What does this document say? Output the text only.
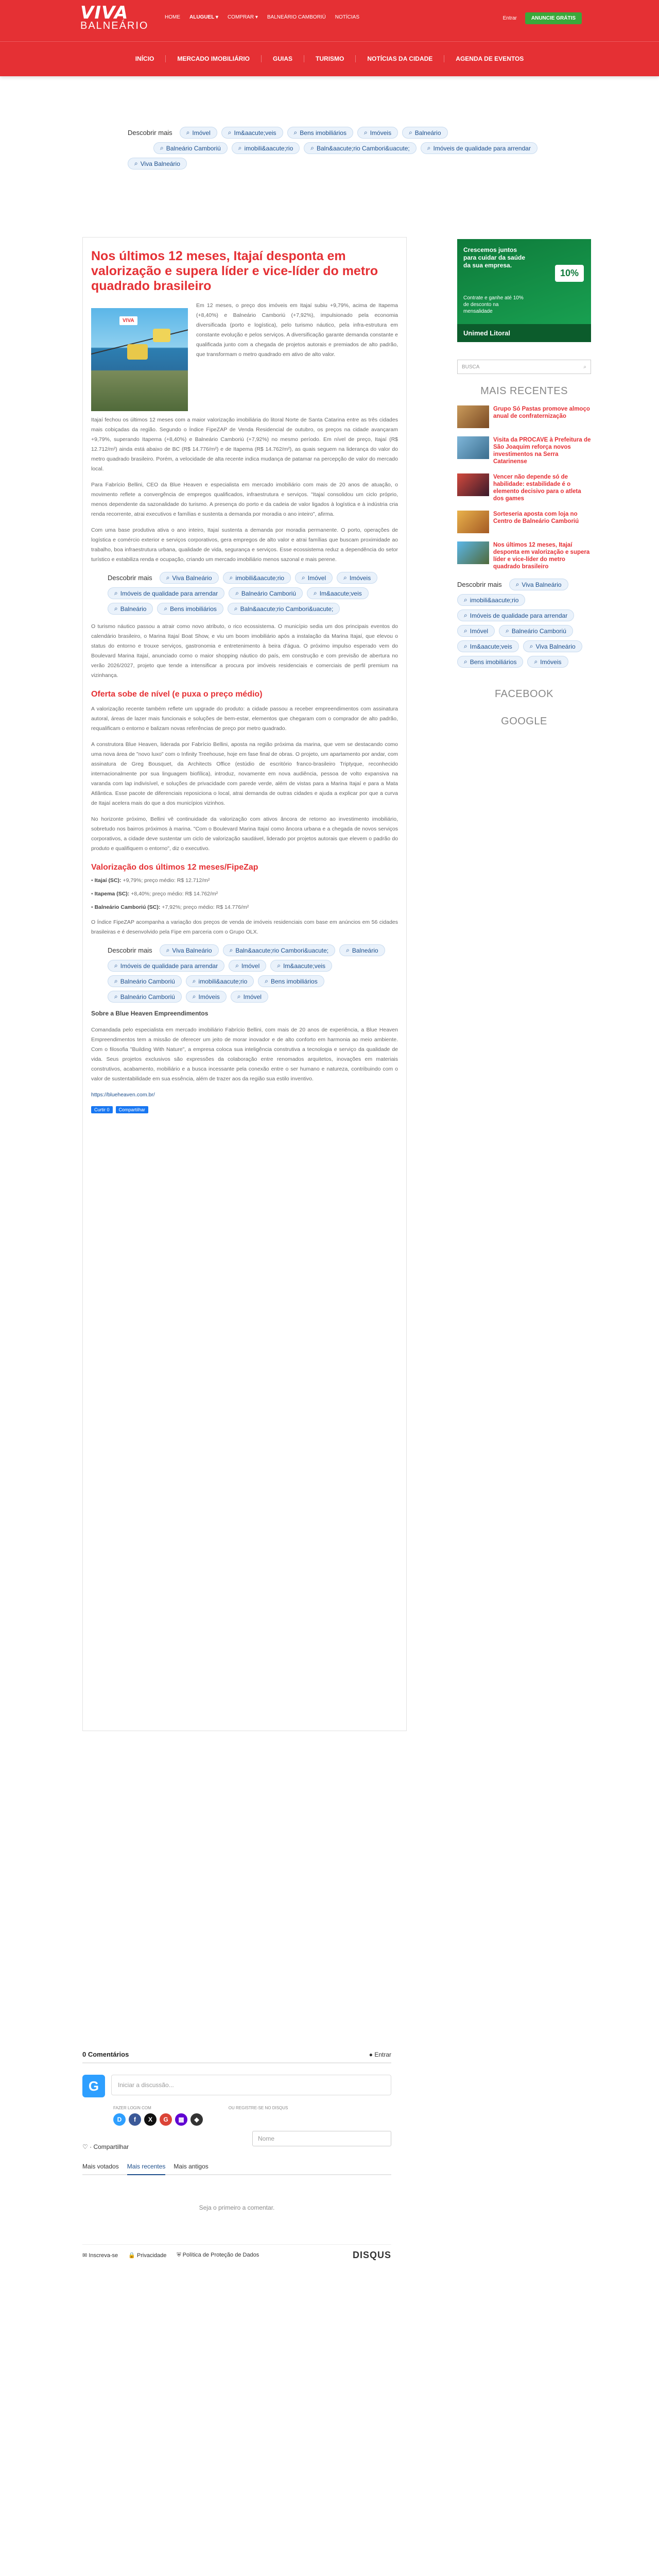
VIVA
BALNEÁRIO
HOME ALUGUEL ▾ COMPRAR ▾ BALNEÁRIO CAMBORIÚ NOTÍCIAS	Entrar	ANUNCIE GRÁTIS
INÍCIO	MERCADO IMOBILIÁRIO	GUIAS	TURISMO	NOTÍCIAS DA CIDADE	AGENDA DE EVENTOS
Descobrir mais ⌕ Imóvel	⌕ Im&aacute;veis	⌕ Bens imobiliários	⌕ Imóveis	⌕ Balneário
⌕ Balneário Camboriú	⌕ imobili&aacute;rio	⌕ Baln&aacute;rio Cambori&uacute;	⌕ Imóveis de qualidade para arrendar
⌕ Viva Balneário
Nos últimos 12 meses, Itajaí desponta em valorização e supera líder e vice-líder do metro quadrado brasileiro
VIVA

Em 12 meses, o preço dos imóveis em Itajaí subiu +9,79%, acima de Itapema (+8,40%) e Balneário Camboriú (+7,92%), impulsionado pela economia diversificada (porto e logística), pelo turismo náutico, pela infra-estrutura em constante evolução e pelos serviços. A diversificação garante demanda constante e qualificada junto com a chegada de projetos autorais e premiados de alto padrão, que transformam o metro quadrado em ativo de alto valor.

Itajaí fechou os últimos 12 meses com a maior valorização imobiliária do litoral Norte de Santa Catarina entre as três cidades mais cobiçadas da região. Segundo o Índice FipeZAP de Venda Residencial de outubro, os preços na cidade avançaram +9,79%, superando Itapema (+8,40%) e Balneário Camboriú (+7,92%) no mesmo período. Em nível de preço, Itajaí (R$ 12.712/m²) ainda está abaixo de BC (R$ 14.776/m²) e de Itapema (R$ 14.762/m²), as quais seguem na liderança do valor do metro quadrado brasileiro. Porém, a velocidade de alta recente indica mudança de patamar na percepção de valor do mercado local.

Para Fabrício Bellini, CEO da Blue Heaven e especialista em mercado imobiliário com mais de 20 anos de atuação, o movimento reflete a convergência de empregos qualificados, infraestrutura e serviços. "Itajaí consolidou um ciclo próprio, menos dependente da sazonalidade do turismo. A presença do porto e da cadeia de valor ligados à logística e à indústria cria renda recorrente, atrai executivos e famílias e sustenta a demanda por moradia o ano inteiro", afirma.

Com uma base produtiva ativa o ano inteiro, Itajaí sustenta a demanda por moradia permanente. O porto, operações de logística e comércio exterior e serviços corporativos, gera empregos de alto valor e atrai famílias que buscam proximidade ao trabalho, boa infraestrutura urbana, qualidade de vida, segurança e serviços. Esse ecossistema reduz a dependência do setor turístico e estabiliza renda e ocupação, criando um mercado imobiliário menos sazonal e mais perene.

Descobrir mais ⌕ Viva Balneário	⌕ imobili&aacute;rio	⌕ Imóvel	⌕ Imóveis
⌕ Imóveis de qualidade para arrendar	⌕ Balneário Camboriú	⌕ Im&aacute;veis
⌕ Balneário	⌕ Bens imobiliários	⌕ Baln&aacute;rio Cambori&uacute;

O turismo náutico passou a atrair como novo atributo, o rico ecossistema. O município sedia um dos principais eventos do calendário brasileiro, o Marina Itajaí Boat Show, e viu um boom imobiliário após a instalação da Marina Itajaí, que elevou o status do entorno e trouxe serviços, gastronomia e entretenimento à beira d'água. O próximo impulso esperado vem do Boulevard Marina Itajaí, anunciado como o maior shopping náutico do país, em construção e com previsão de abertura no verão 2026/2027, projeto que tende a intensificar a procura por imóveis residenciais e comerciais de perfil premium na vizinhança.

Oferta sobe de nível (e puxa o preço médio)

A valorização recente também reflete um upgrade do produto: a cidade passou a receber empreendimentos com assinatura autoral, áreas de lazer mais funcionais e soluções de bem-estar, elementos que chegaram com o comprador de alto padrão, requalificam o entorno e balizam novas referências de preço por metro quadrado.

A construtora Blue Heaven, liderada por Fabrício Bellini, aposta na região próxima da marina, que vem se destacando como uma nova área de "novo luxo" com o Infinity Treehouse, hoje em fase final de obras. O projeto, um apartamento por andar, com assinatura de Greg Bousquet, da Architects Office (estúdio de escritório franco-brasileiro Triptyque, reconhecido internacionalmente por sua linguagem biofílica), introduz, novamente em nova audiência, pessoa de volto expansiva na varanda com lap indivisível, e soluções de privacidade com parede verde, além de vistas para a Marina Itajaí e para a Mata Atlântica. Esse pacote de diferenciais reposiciona o local, atrai demanda de outras cidades e ajuda a explicar por que a curva de Itajaí acelera mais do que a dos municípios vizinhos.

No horizonte próximo, Bellini vê continuidade da valorização com ativos âncora de retorno ao investimento imobiliário, sobretudo nos bairros próximos à marina. "Com o Boulevard Marina Itajaí como âncora urbana e a chegada de novos serviços corporativos, a cidade deve sustentar um ciclo de valorização saudável, liderado por projetos autorais que elevem o padrão do produto e qualifiquem o entorno", diz o executivo.

Valorização dos últimos 12 meses/FipeZap
• Itajaí (SC): +9,79%; preço médio: R$ 12.712/m²
• Itapema (SC): +8,40%; preço médio: R$ 14.762/m²
• Balneário Camboriú (SC): +7,92%; preço médio: R$ 14.776/m²

O Índice FipeZAP acompanha a variação dos preços de venda de imóveis residenciais com base em anúncios em 56 cidades brasileiras e é desenvolvido pela Fipe em parceria com o Grupo OLX.

Descobrir mais ⌕ Viva Balneário	⌕ Baln&aacute;rio Cambori&uacute;	⌕ Balneário
⌕ Imóveis de qualidade para arrendar	⌕ Imóvel	⌕ Im&aacute;veis
⌕ Balneário Camboriú	⌕ imobili&aacute;rio	⌕ Bens imobiliários
⌕ Balneário Camboriú	⌕ Imóveis	⌕ Imóvel
Sobre a Blue Heaven Empreendimentos

Comandada pelo especialista em mercado imobiliário Fabrício Bellini, com mais de 20 anos de experiência, a Blue Heaven Empreendimentos tem a missão de oferecer um jeito de morar inovador e de alto conforto em harmonia ao meio ambiente. Com o filosofia "Building With Nature", a empresa coloca sua inteligência construtiva a tecnologia e serviço da qualidade de vida. Seus projetos exclusivos são expressões da colaboração entre renomados arquitetos, inovações em materiais construtivos, acabamento, mobiliário e a busca incessante pela conexão entre o ser humano e natureza, contribuindo com o valor de sustentabilidade em sua essência, além de trazer aos da região sua estilo inventivo.

https://blueheaven.com.br/

Curtir 0	Compartilhar
Crescemos juntos para cuidar da saúde da sua empresa.
10%
Contrate e ganhe até 10% de desconto na mensalidade
Unimed Litoral
BUSCA	⌕
MAIS RECENTES
Grupo Só Pastas promove almoço anual de confraternização
Visita da PROCAVE à Prefeitura de São Joaquim reforça novos investimentos na Serra Catarinense
Vencer não depende só de habilidade: estabilidade é o elemento decisivo para o atleta dos games
Sorteseria aposta com loja no Centro de Balneário Camboriú
Nos últimos 12 meses, Itajaí desponta em valorização e supera líder e vice-líder do metro quadrado brasileiro
Descobrir mais ⌕ Viva Balneário
⌕ imobili&aacute;rio
⌕ Imóveis de qualidade para arrendar
⌕ Imóvel	⌕ Balneário Camboriú
⌕ Im&aacute;veis	⌕ Viva Balneário
⌕ Bens imobiliários	⌕ Imóveis
FACEBOOK
GOOGLE
0 Comentários	● Entrar
G	Iniciar a discussão...
FAZER LOGIN COM	OU REGISTRE-SE NO DISQUS
D	f	X	G	▦	◆
Nome
♡ · Compartilhar
Mais votados Mais recentes Mais antigos
Seja o primeiro a comentar.
✉ Inscreva-se 🔒 Privacidade ⛨ Política de Proteção de Dados	DISQUS
